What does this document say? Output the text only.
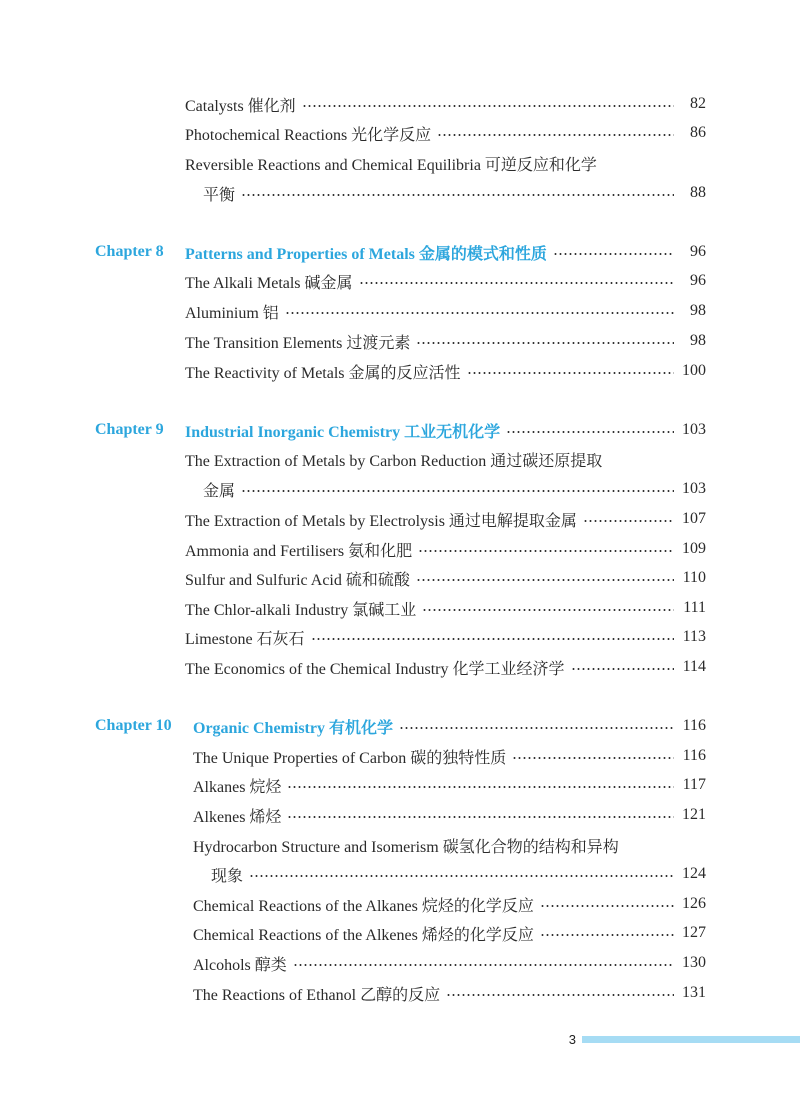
Catalysts 催化剂	82
Photochemical Reactions 光化学反应	86
Reversible Reactions and Chemical Equilibria 可逆反应和化学
平衡	88
Chapter 8 Patterns and Properties of Metals 金属的模式和性质	96
The Alkali Metals 碱金属	96
Aluminium 铝	98
The Transition Elements 过渡元素	98
The Reactivity of Metals 金属的反应活性	100
Chapter 9 Industrial Inorganic Chemistry 工业无机化学	103
The Extraction of Metals by Carbon Reduction 通过碳还原提取
金属	103
The Extraction of Metals by Electrolysis 通过电解提取金属	107
Ammonia and Fertilisers 氨和化肥	109
Sulfur and Sulfuric Acid 硫和硫酸	110
The Chlor-alkali Industry 氯碱工业	111
Limestone 石灰石	113
The Economics of the Chemical Industry 化学工业经济学	114
Chapter 10 Organic Chemistry 有机化学	116
The Unique Properties of Carbon 碳的独特性质	116
Alkanes 烷烃	117
Alkenes 烯烃	121
Hydrocarbon Structure and Isomerism 碳氢化合物的结构和异构
现象	124
Chemical Reactions of the Alkanes 烷烃的化学反应	126
Chemical Reactions of the Alkenes 烯烃的化学反应	127
Alcohols 醇类	130
The Reactions of Ethanol 乙醇的反应	131
3
